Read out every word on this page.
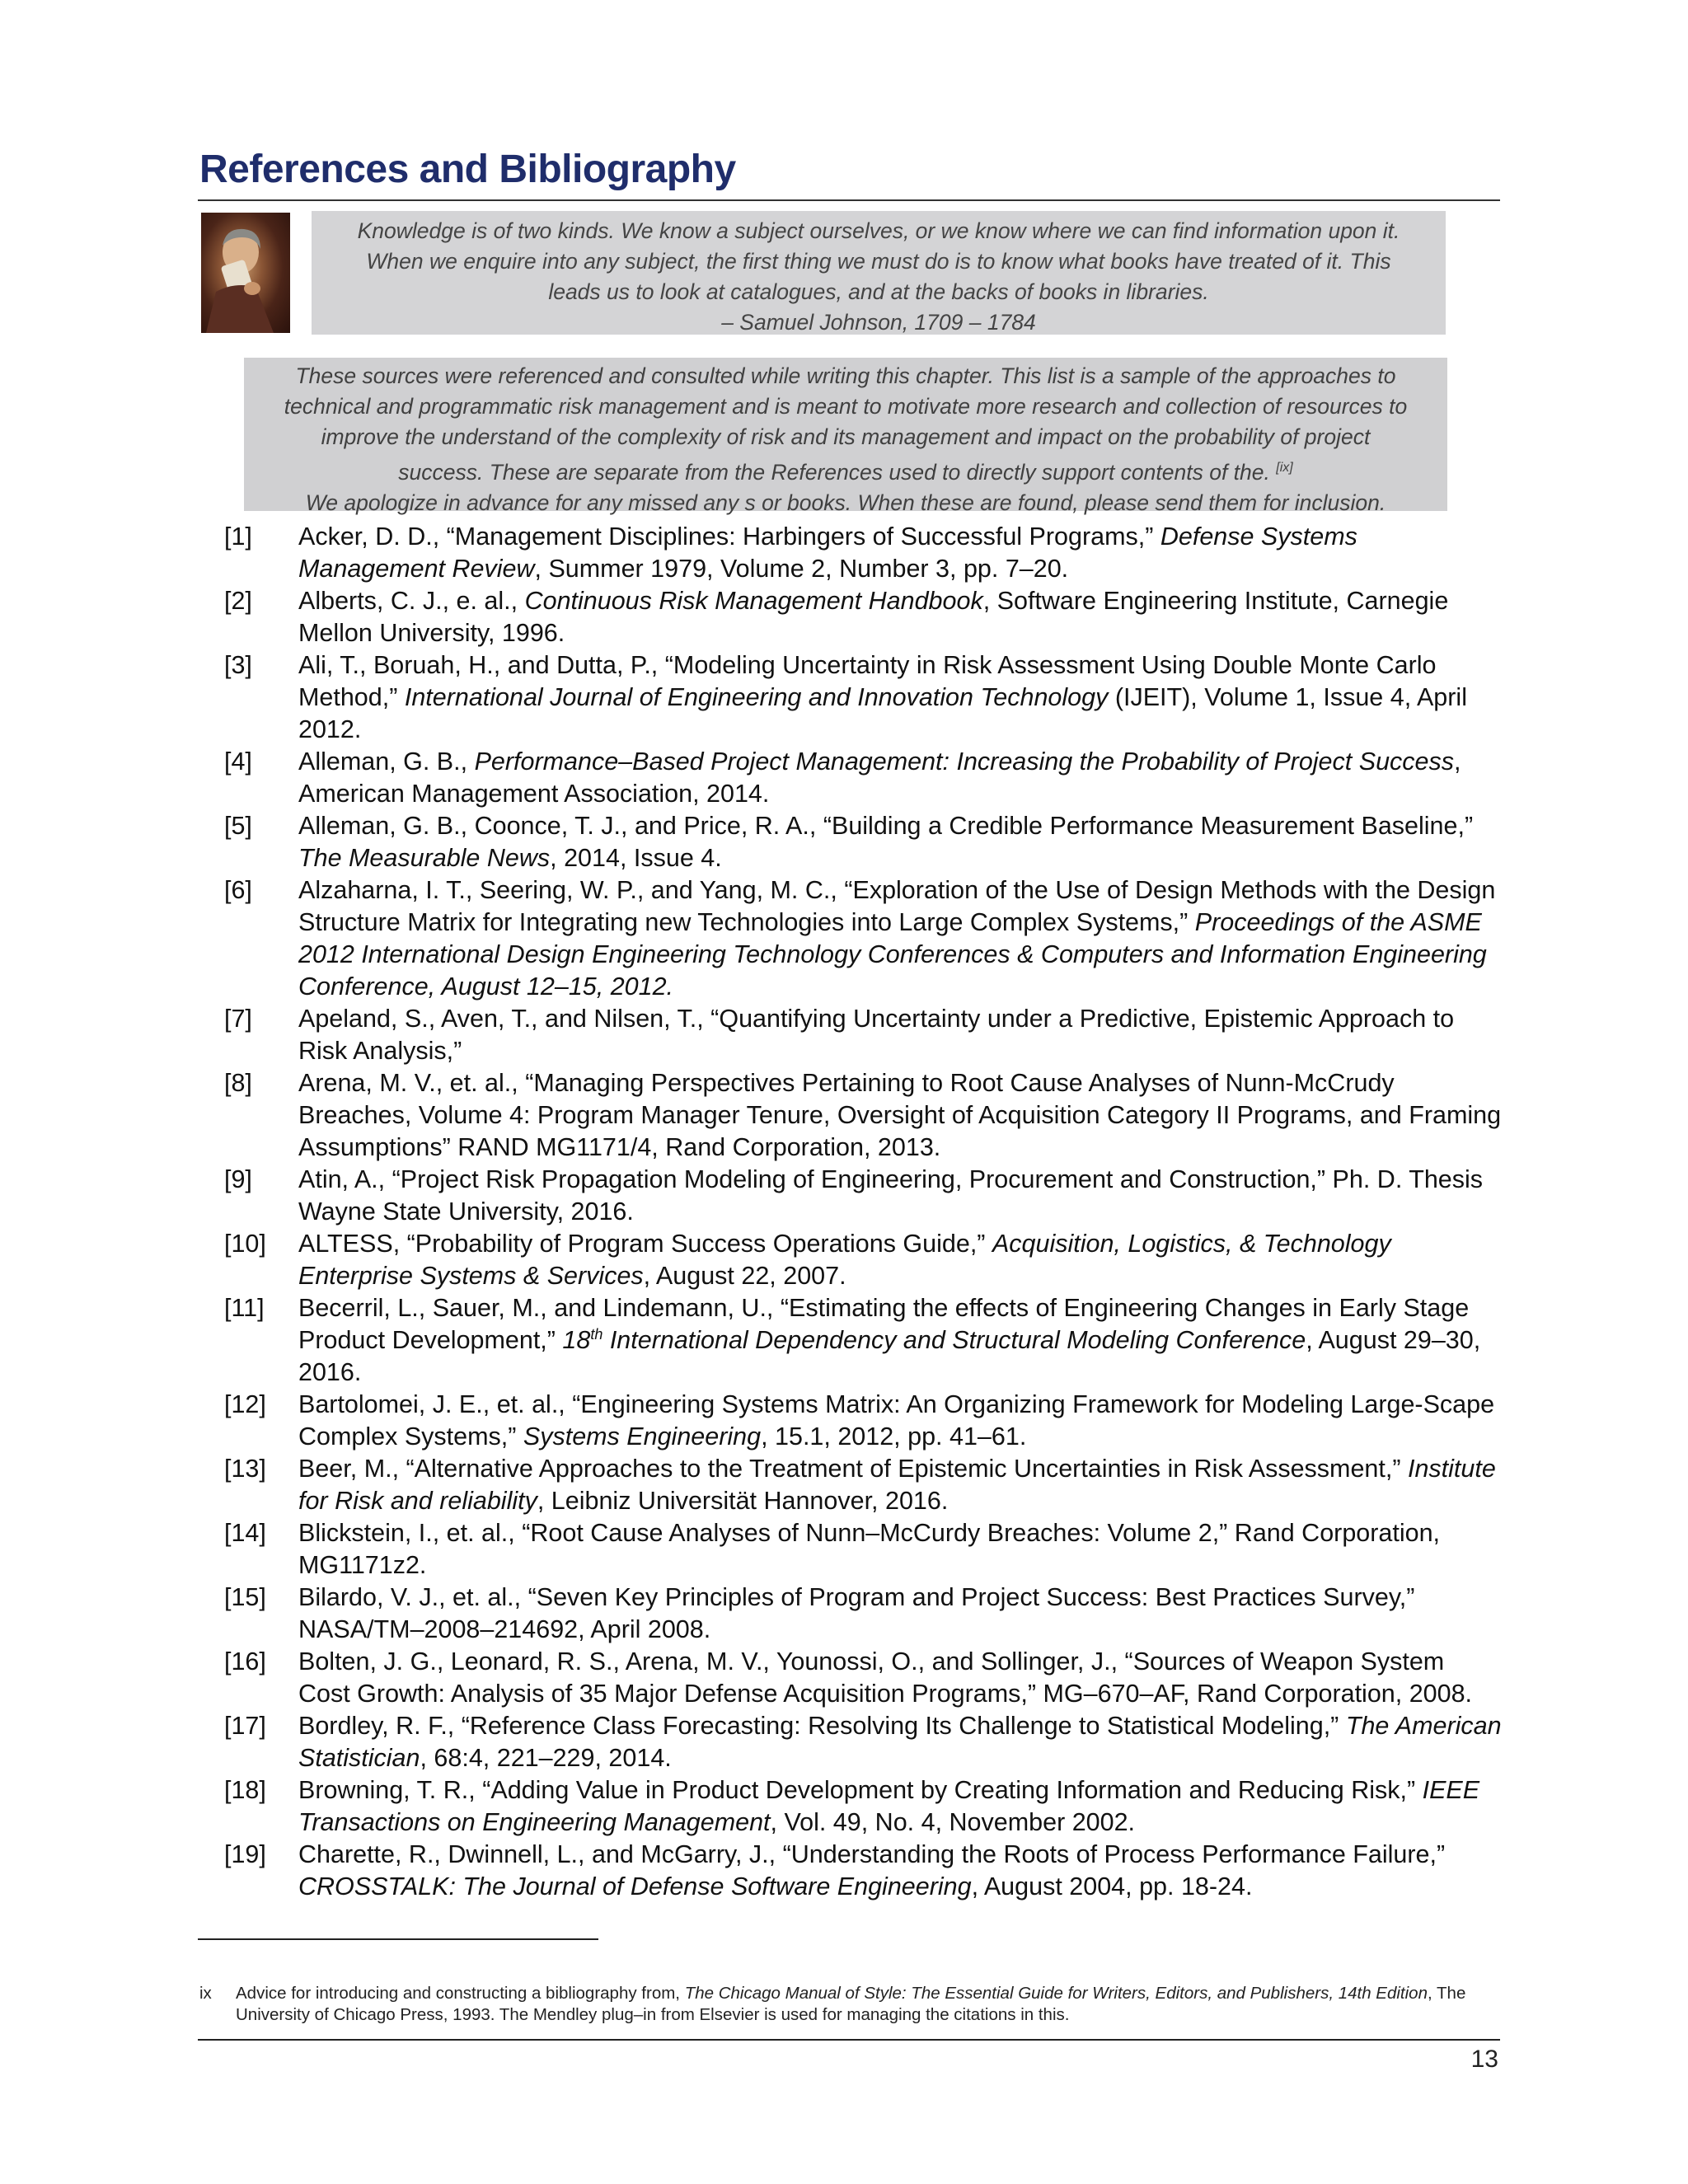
References and Bibliography
Knowledge is of two kinds. We know a subject ourselves, or we know where we can find information upon it.
When we enquire into any subject, the first thing we must do is to know what books have treated of it. This
leads us to look at catalogues, and at the backs of books in libraries.
– Samuel Johnson, 1709 – 1784
These sources were referenced and consulted while writing this chapter. This list is a sample of the approaches to
technical and programmatic risk management and is meant to motivate more research and collection of resources to
improve the understand of the complexity of risk and its management and impact on the probability of project
success. These are separate from the References used to directly support contents of the. [ix]
We apologize in advance for any missed any s or books. When these are found, please send them for inclusion.
[1] Acker, D. D., “Management Disciplines: Harbingers of Successful Programs,” Defense Systems Management Review, Summer 1979, Volume 2, Number 3, pp. 7–20.
[2] Alberts, C. J., e. al., Continuous Risk Management Handbook, Software Engineering Institute, Carnegie Mellon University, 1996.
[3] Ali, T., Boruah, H., and Dutta, P., “Modeling Uncertainty in Risk Assessment Using Double Monte Carlo Method,” International Journal of Engineering and Innovation Technology (IJEIT), Volume 1, Issue 4, April 2012.
[4] Alleman, G. B., Performance–Based Project Management: Increasing the Probability of Project Success, American Management Association, 2014.
[5] Alleman, G. B., Coonce, T. J., and Price, R. A., “Building a Credible Performance Measurement Baseline,” The Measurable News, 2014, Issue 4.
[6] Alzaharna, I. T., Seering, W. P., and Yang, M. C., “Exploration of the Use of Design Methods with the Design Structure Matrix for Integrating new Technologies into Large Complex Systems,” Proceedings of the ASME 2012 International Design Engineering Technology Conferences & Computers and Information Engineering Conference, August 12–15, 2012.
[7] Apeland, S., Aven, T., and Nilsen, T., “Quantifying Uncertainty under a Predictive, Epistemic Approach to Risk Analysis,”
[8] Arena, M. V., et. al., “Managing Perspectives Pertaining to Root Cause Analyses of Nunn-McCrudy Breaches, Volume 4: Program Manager Tenure, Oversight of Acquisition Category II Programs, and Framing Assumptions” RAND MG1171/4, Rand Corporation, 2013.
[9] Atin, A., “Project Risk Propagation Modeling of Engineering, Procurement and Construction,” Ph. D. Thesis Wayne State University, 2016.
[10] ALTESS, “Probability of Program Success Operations Guide,” Acquisition, Logistics, & Technology Enterprise Systems & Services, August 22, 2007.
[11] Becerril, L., Sauer, M., and Lindemann, U., “Estimating the effects of Engineering Changes in Early Stage Product Development,” 18th International Dependency and Structural Modeling Conference, August 29–30, 2016.
[12] Bartolomei, J. E., et. al., “Engineering Systems Matrix: An Organizing Framework for Modeling Large-Scape Complex Systems,” Systems Engineering, 15.1, 2012, pp. 41–61.
[13] Beer, M., “Alternative Approaches to the Treatment of Epistemic Uncertainties in Risk Assessment,” Institute for Risk and reliability, Leibniz Universität Hannover, 2016.
[14] Blickstein, I., et. al., “Root Cause Analyses of Nunn–McCurdy Breaches: Volume 2,” Rand Corporation, MG1171z2.
[15] Bilardo, V. J., et. al., “Seven Key Principles of Program and Project Success: Best Practices Survey,” NASA/TM–2008–214692, April 2008.
[16] Bolten, J. G., Leonard, R. S., Arena, M. V., Younossi, O., and Sollinger, J., “Sources of Weapon System Cost Growth: Analysis of 35 Major Defense Acquisition Programs,” MG–670–AF, Rand Corporation, 2008.
[17] Bordley, R. F., “Reference Class Forecasting: Resolving Its Challenge to Statistical Modeling,” The American Statistician, 68:4, 221–229, 2014.
[18] Browning, T. R., “Adding Value in Product Development by Creating Information and Reducing Risk,” IEEE Transactions on Engineering Management, Vol. 49, No. 4, November 2002.
[19] Charette, R., Dwinnell, L., and McGarry, J., “Understanding the Roots of Process Performance Failure,” CROSSTALK: The Journal of Defense Software Engineering, August 2004, pp. 18-24.
ix	Advice for introducing and constructing a bibliography from, The Chicago Manual of Style: The Essential Guide for Writers, Editors, and Publishers, 14th Edition, The University of Chicago Press, 1993. The Mendley plug–in from Elsevier is used for managing the citations in this.
13
